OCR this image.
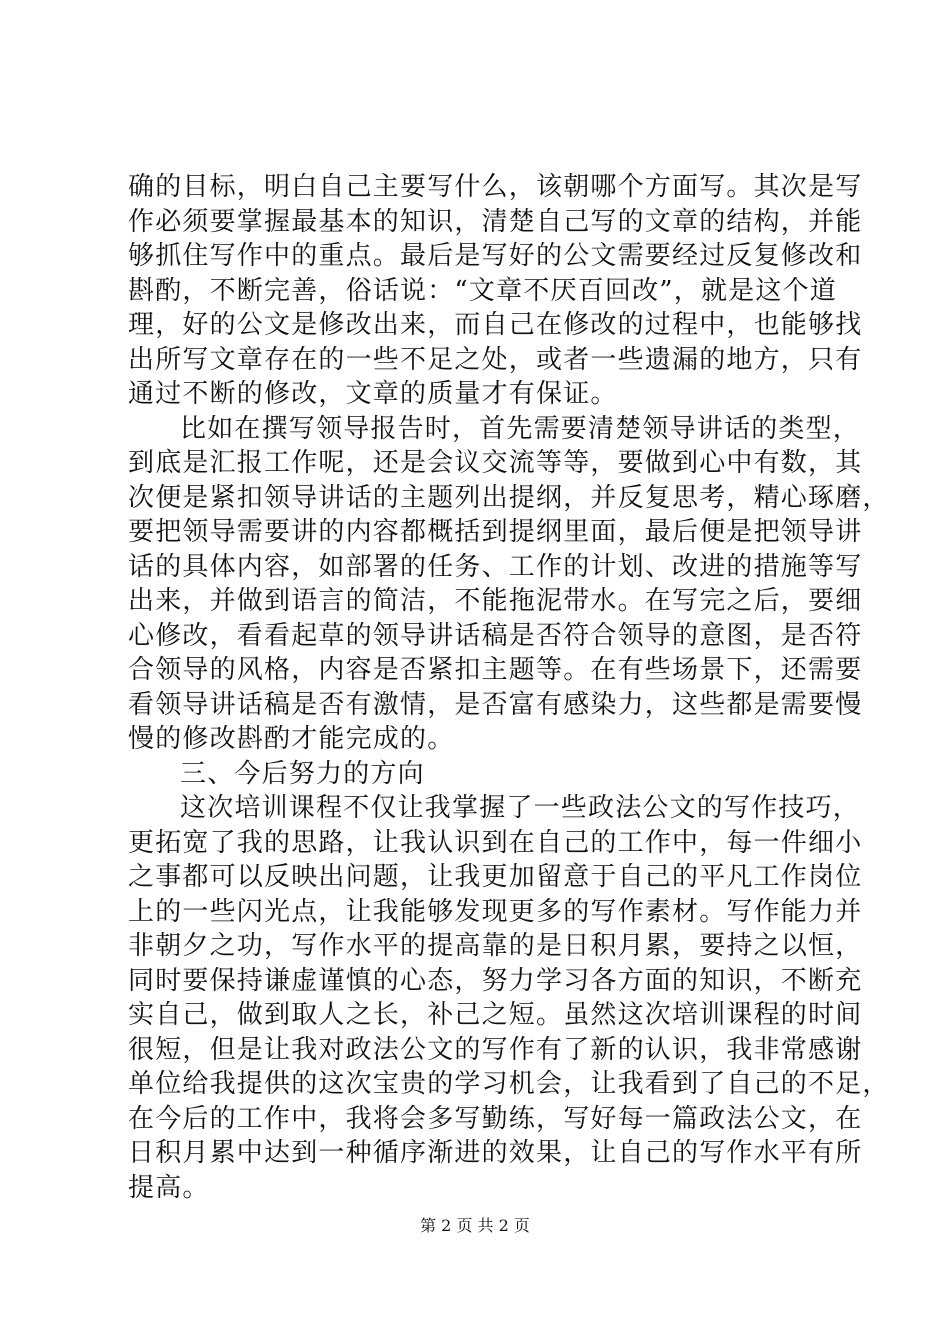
确的目标，明白自己主要写什么，该朝哪个方面写。其次是写
作必须要掌握最基本的知识，清楚自己写的文章的结构，并能
够抓住写作中的重点。最后是写好的公文需要经过反复修改和
斟酌，不断完善，俗话说：“文章不厌百回改”，就是这个道
理，好的公文是修改出来，而自己在修改的过程中，也能够找
出所写文章存在的一些不足之处，或者一些遗漏的地方，只有
通过不断的修改，文章的质量才有保证。
比如在撰写领导报告时，首先需要清楚领导讲话的类型，
到底是汇报工作呢，还是会议交流等等，要做到心中有数，其
次便是紧扣领导讲话的主题列出提纲，并反复思考，精心琢磨，
要把领导需要讲的内容都概括到提纲里面，最后便是把领导讲
话的具体内容，如部署的任务、工作的计划、改进的措施等写
出来，并做到语言的简洁，不能拖泥带水。在写完之后，要细
心修改，看看起草的领导讲话稿是否符合领导的意图，是否符
合领导的风格，内容是否紧扣主题等。在有些场景下，还需要
看领导讲话稿是否有激情，是否富有感染力，这些都是需要慢
慢的修改斟酌才能完成的。
三、今后努力的方向
这次培训课程不仅让我掌握了一些政法公文的写作技巧，
更拓宽了我的思路，让我认识到在自己的工作中，每一件细小
之事都可以反映出问题，让我更加留意于自己的平凡工作岗位
上的一些闪光点，让我能够发现更多的写作素材。写作能力并
非朝夕之功，写作水平的提高靠的是日积月累，要持之以恒，
同时要保持谦虚谨慎的心态，努力学习各方面的知识，不断充
实自己，做到取人之长，补己之短。虽然这次培训课程的时间
很短，但是让我对政法公文的写作有了新的认识，我非常感谢
单位给我提供的这次宝贵的学习机会，让我看到了自己的不足，
在今后的工作中，我将会多写勤练，写好每一篇政法公文，在
日积月累中达到一种循序渐进的效果，让自己的写作水平有所
提高。
第 2 页 共 2 页
